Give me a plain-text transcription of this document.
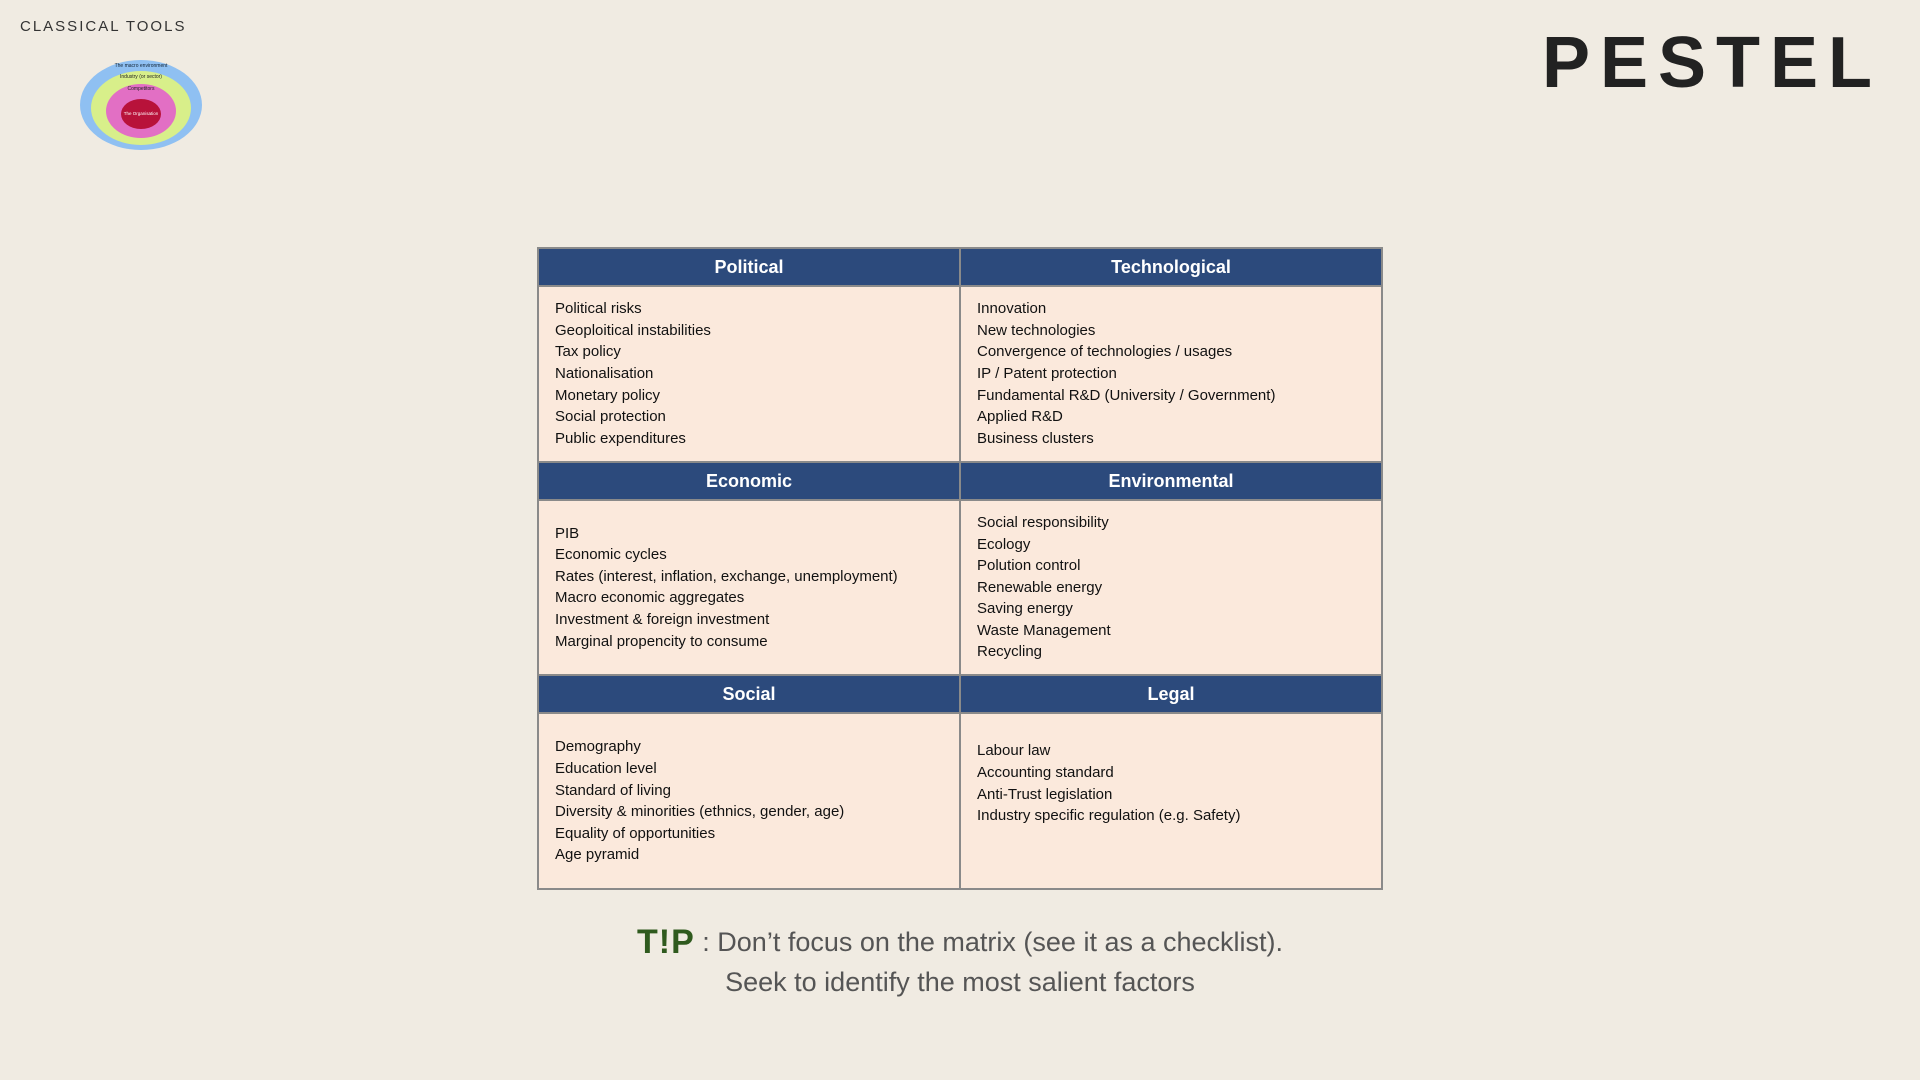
CLASSICAL TOOLS
The macro environment
Industry (or sector)
Competitors
The Organisation
PESTEL
Political
Political risks
Geoploitical instabilities
Tax policy
Nationalisation
Monetary policy
Social protection
Public expenditures
Technological
Innovation
New technologies
Convergence of technologies / usages
IP / Patent protection
Fundamental R&D (University / Government)
Applied R&D
Business clusters
Economic
PIB
Economic cycles
Rates (interest, inflation, exchange, unemployment)
Macro economic aggregates
Investment & foreign investment
Marginal propencity to consume
Environmental
Social responsibility
Ecology
Polution control
Renewable energy
Saving energy
Waste Management
Recycling
Social
Demography
Education level
Standard of living
Diversity & minorities (ethnics, gender, age)
Equality of opportunities
Age pyramid
Legal
Labour law
Accounting standard
Anti-Trust legislation
Industry specific regulation (e.g. Safety)
T!P : Don’t focus on the matrix (see it as a checklist).
Seek to identify the most salient factors
